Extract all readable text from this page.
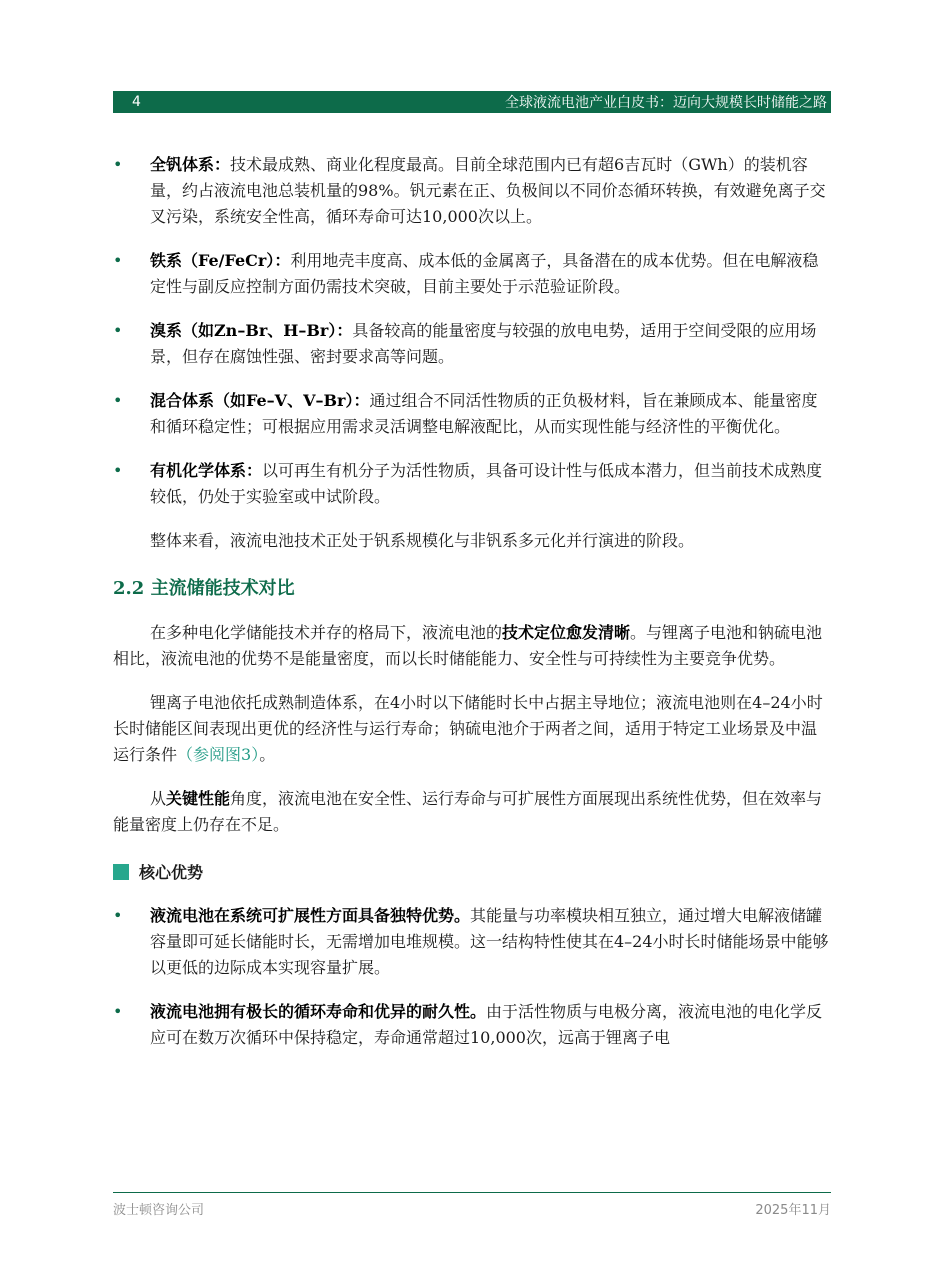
4	全球液流电池产业白皮书：迈向大规模长时储能之路
• 全钒体系：技术最成熟、商业化程度最高。目前全球范围内已有超6吉瓦时（GWh）的装机容量，约占液流电池总装机量的98%。钒元素在正、负极间以不同价态循环转换，有效避免离子交叉污染，系统安全性高，循环寿命可达10,000次以上。
• 铁系（Fe/FeCr）：利用地壳丰度高、成本低的金属离子，具备潜在的成本优势。但在电解液稳定性与副反应控制方面仍需技术突破，目前主要处于示范验证阶段。
• 溴系（如Zn–Br、H–Br）：具备较高的能量密度与较强的放电电势，适用于空间受限的应用场景，但存在腐蚀性强、密封要求高等问题。
• 混合体系（如Fe–V、V–Br）：通过组合不同活性物质的正负极材料，旨在兼顾成本、能量密度和循环稳定性；可根据应用需求灵活调整电解液配比，从而实现性能与经济性的平衡优化。
• 有机化学体系：以可再生有机分子为活性物质，具备可设计性与低成本潜力，但当前技术成熟度较低，仍处于实验室或中试阶段。
整体来看，液流电池技术正处于钒系规模化与非钒系多元化并行演进的阶段。
2.2 主流储能技术对比
在多种电化学储能技术并存的格局下，液流电池的技术定位愈发清晰。与锂离子电池和钠硫电池相比，液流电池的优势不是能量密度，而以长时储能能力、安全性与可持续性为主要竞争优势。
锂离子电池依托成熟制造体系，在4小时以下储能时长中占据主导地位；液流电池则在4–24小时长时储能区间表现出更优的经济性与运行寿命；钠硫电池介于两者之间，适用于特定工业场景及中温运行条件（参阅图3）。
从关键性能角度，液流电池在安全性、运行寿命与可扩展性方面展现出系统性优势，但在效率与能量密度上仍存在不足。
核心优势
• 液流电池在系统可扩展性方面具备独特优势。其能量与功率模块相互独立，通过增大电解液储罐容量即可延长储能时长，无需增加电堆规模。这一结构特性使其在4–24小时长时储能场景中能够以更低的边际成本实现容量扩展。
• 液流电池拥有极长的循环寿命和优异的耐久性。由于活性物质与电极分离，液流电池的电化学反应可在数万次循环中保持稳定，寿命通常超过10,000次，远高于锂离子电
波士顿咨询公司	2025年11月
